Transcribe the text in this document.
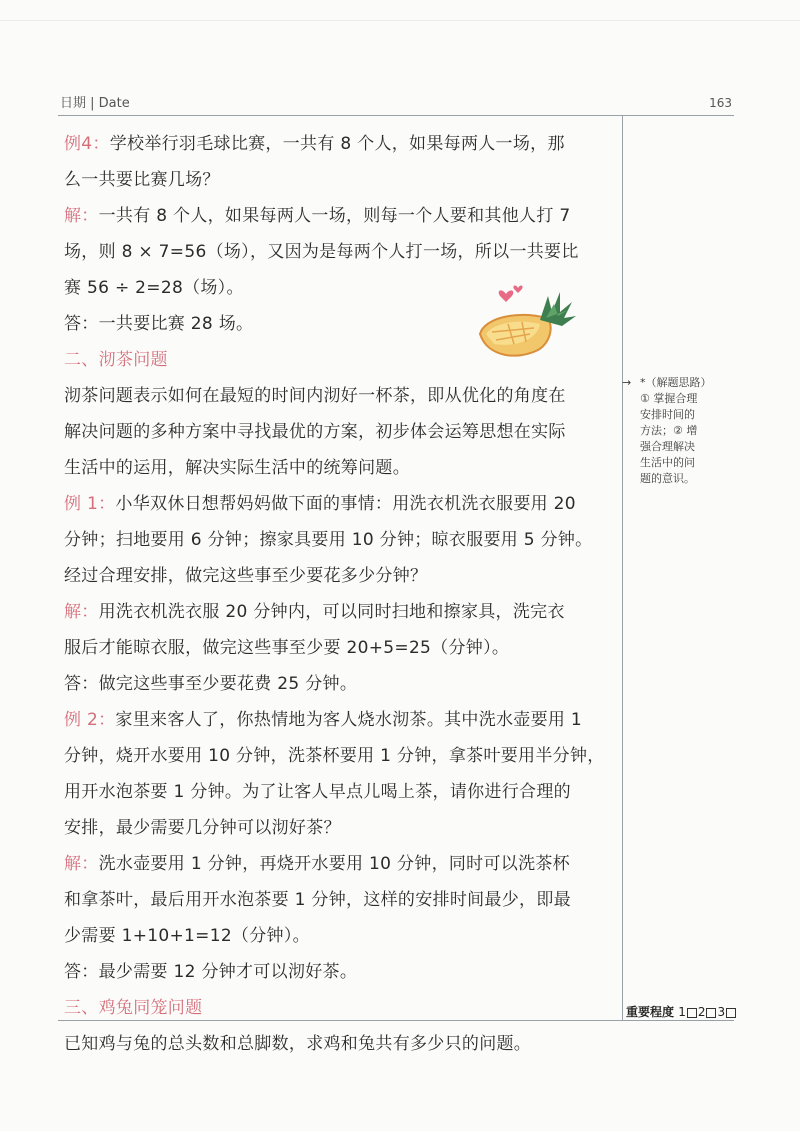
日期 | Date	163
例4：学校举行羽毛球比赛，一共有 8 个人，如果每两人一场，那
么一共要比赛几场？
解：一共有 8 个人，如果每两人一场，则每一个人要和其他人打 7
场，则 8 × 7=56（场），又因为是每两个人打一场，所以一共要比
赛 56 ÷ 2=28（场）。
答：一共要比赛 28 场。
二、沏茶问题
沏茶问题表示如何在最短的时间内沏好一杯茶，即从优化的角度在
解决问题的多种方案中寻找最优的方案，初步体会运筹思想在实际
生活中的运用，解决实际生活中的统筹问题。
例 1：小华双休日想帮妈妈做下面的事情：用洗衣机洗衣服要用 20
分钟；扫地要用 6 分钟；擦家具要用 10 分钟；晾衣服要用 5 分钟。
经过合理安排，做完这些事至少要花多少分钟？
解：用洗衣机洗衣服 20 分钟内，可以同时扫地和擦家具，洗完衣
服后才能晾衣服，做完这些事至少要 20+5=25（分钟）。
答：做完这些事至少要花费 25 分钟。
例 2：家里来客人了，你热情地为客人烧水沏茶。其中洗水壶要用 1
分钟，烧开水要用 10 分钟，洗茶杯要用 1 分钟，拿茶叶要用半分钟，
用开水泡茶要 1 分钟。为了让客人早点儿喝上茶，请你进行合理的
安排，最少需要几分钟可以沏好茶？
解：洗水壶要用 1 分钟，再烧开水要用 10 分钟，同时可以洗茶杯
和拿茶叶，最后用开水泡茶要 1 分钟，这样的安排时间最少，即最
少需要 1+10+1=12（分钟）。
答：最少需要 12 分钟才可以沏好茶。
三、鸡兔同笼问题
已知鸡与兔的总头数和总脚数，求鸡和兔共有多少只的问题。
→ *（解题思路）
① 掌握合理
安排时间的
方法；② 增
强合理解决
生活中的问
题的意识。
重要程度 1 2 3
